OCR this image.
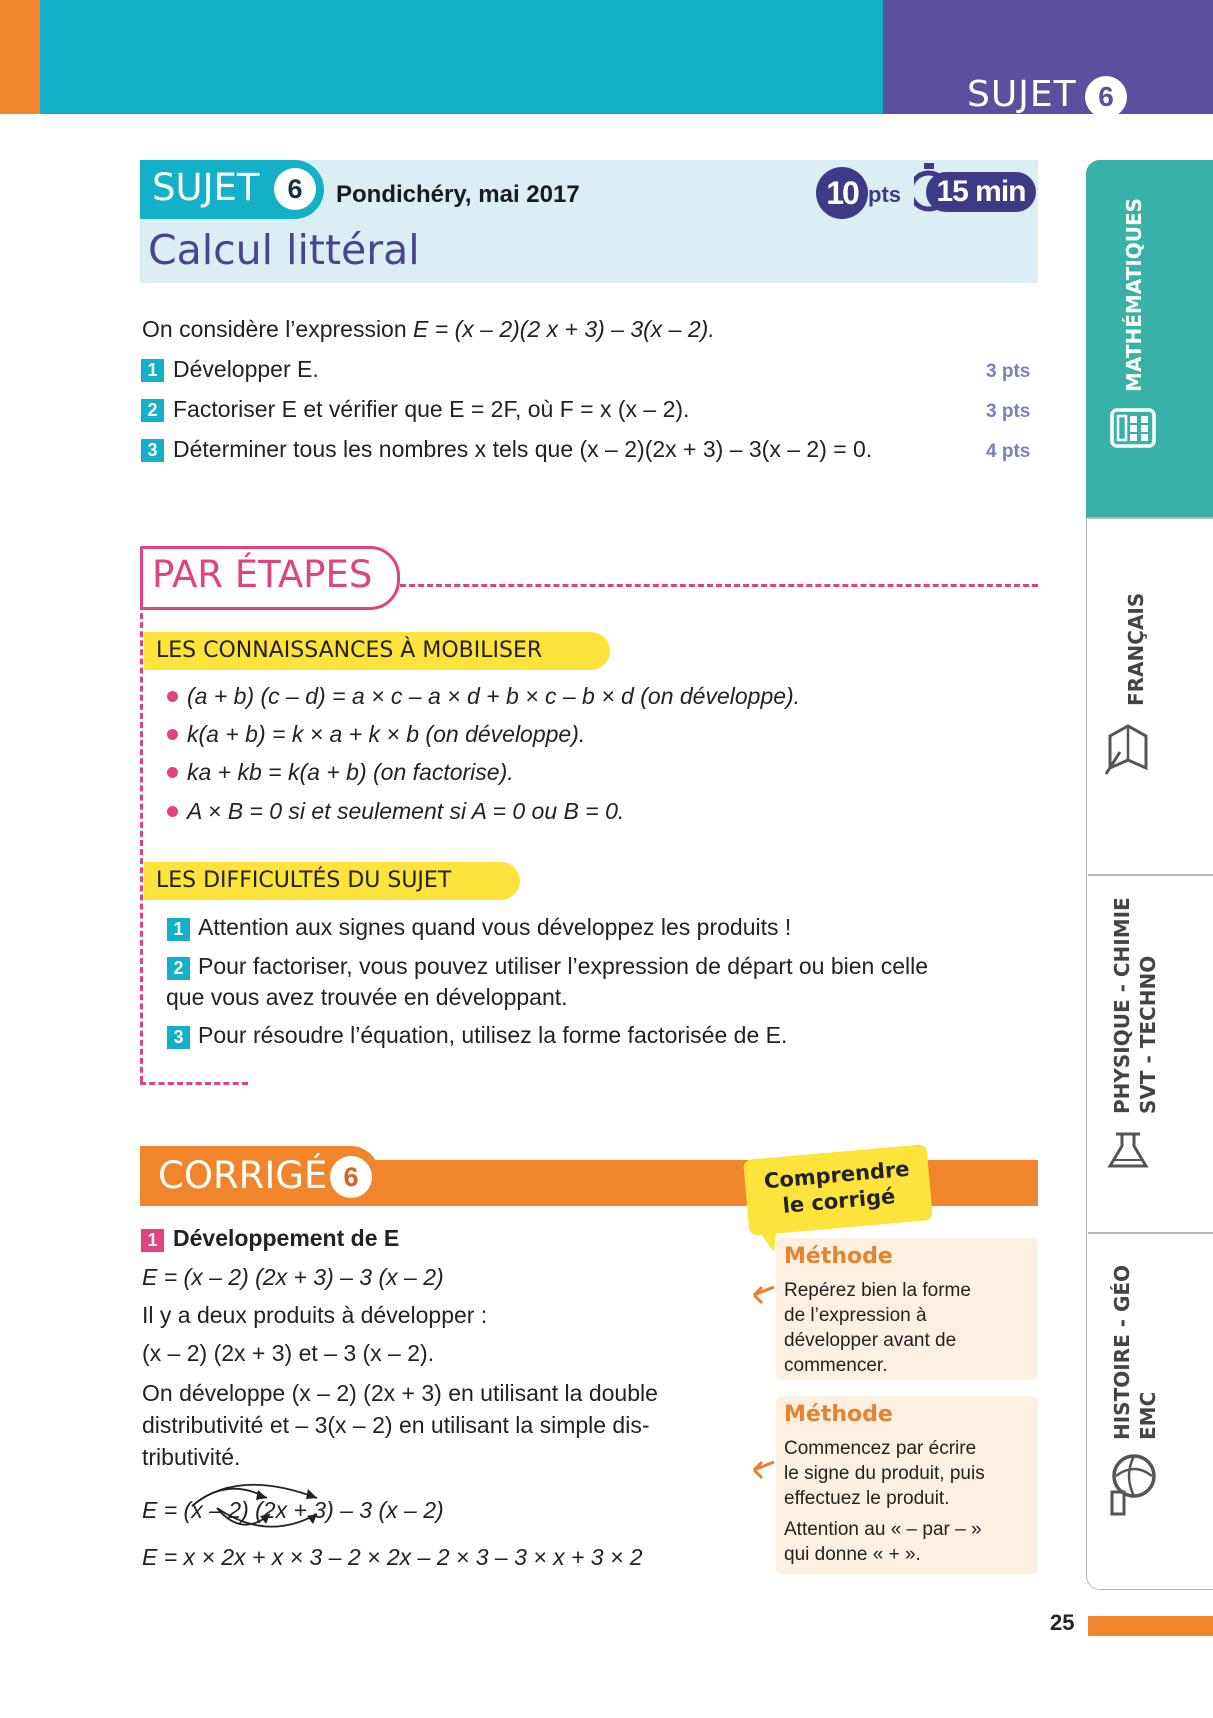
SUJET 6
SUJET	6	Pondichéry, mai 2017
Calcul littéral
10 pts	15 min
On considère l’expression E = (x – 2)(2 x + 3) – 3(x – 2).
1 Développer E.	3 pts
2 Factoriser E et vérifier que E = 2F, où F = x (x – 2).	3 pts
3 Déterminer tous les nombres x tels que (x – 2)(2x + 3) – 3(x – 2) = 0.	4 pts
PAR ÉTAPES
LES CONNAISSANCES À MOBILISER
(a + b) (c – d) = a × c – a × d + b × c – b × d (on développe).
k(a + b) = k × a + k × b (on développe).
ka + kb = k(a + b) (on factorise).
A × B = 0 si et seulement si A = 0 ou B = 0.
LES DIFFICULTÉS DU SUJET
1 Attention aux signes quand vous développez les produits !
2 Pour factoriser, vous pouvez utiliser l’expression de départ ou bien celle
que vous avez trouvée en développant.
3 Pour résoudre l’équation, utilisez la forme factorisée de E.
CORRIGÉ 6	Comprendre
le corrigé
1 Développement de E
E = (x – 2) (2x + 3) – 3 (x – 2)
Il y a deux produits à développer :
(x – 2) (2x + 3) et – 3 (x – 2).
On développe (x – 2) (2x + 3) en utilisant la double
distributivité et – 3(x – 2) en utilisant la simple dis-
tributivité.
E = (x – 2) (2x + 3) – 3 (x – 2)
E = x × 2x + x × 3 – 2 × 2x – 2 × 3 – 3 × x + 3 × 2
Méthode
Repérez bien la forme
de l’expression à
développer avant de
commencer.
Méthode
Commencez par écrire
le signe du produit, puis
effectuez le produit.
Attention au « – par – »
qui donne « + ».
MATHÉMATIQUES
FRANÇAIS
PHYSIQUE - CHIMIE SVT - TECHNO
HISTOIRE - GÉO EMC
25
